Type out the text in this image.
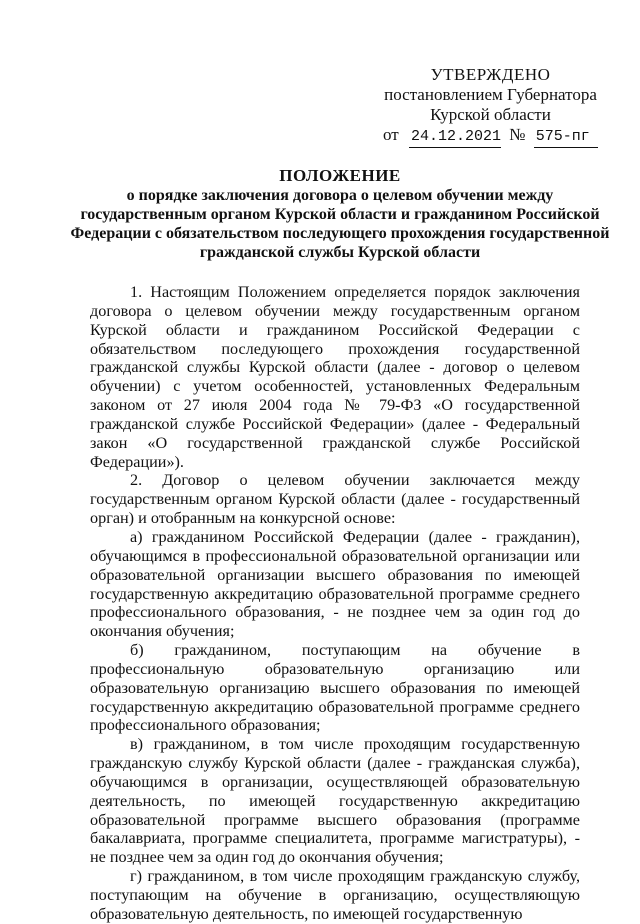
УТВЕРЖДЕНО
постановлением Губернатора
Курской области
от 24.12.2021 № 575-пг
ПОЛОЖЕНИЕ
о порядке заключения договора о целевом обучении между государственным органом Курской области и гражданином Российской Федерации с обязательством последующего прохождения государственной гражданской службы Курской области

1. Настоящим Положением определяется порядок заключения договора о целевом обучении между государственным органом Курской области и гражданином Российской Федерации с обязательством последующего прохождения государственной гражданской службы Курской области (далее - договор о целевом обучении) с учетом особенностей, установленных Федеральным законом от 27 июля 2004 года № 79-ФЗ «О государственной гражданской службе Российской Федерации» (далее - Федеральный закон «О государственной гражданской службе Российской Федерации»).

2. Договор о целевом обучении заключается между государственным органом Курской области (далее - государственный орган) и отобранным на конкурсной основе:

а) гражданином Российской Федерации (далее - гражданин), обучающимся в профессиональной образовательной организации или образовательной организации высшего образования по имеющей государственную аккредитацию образовательной программе среднего профессионального образования, - не позднее чем за один год до окончания обучения;

б) гражданином, поступающим на обучение в профессиональную образовательную организацию или образовательную организацию высшего образования по имеющей государственную аккредитацию образовательной программе среднего профессионального образования;

в) гражданином, в том числе проходящим государственную гражданскую службу Курской области (далее - гражданская служба), обучающимся в организации, осуществляющей образовательную деятельность, по имеющей государственную аккредитацию образовательной программе высшего образования (программе бакалавриата, программе специалитета, программе магистратуры), - не позднее чем за один год до окончания обучения;

г) гражданином, в том числе проходящим гражданскую службу, поступающим на обучение в организацию, осуществляющую образовательную деятельность, по имеющей государственную
